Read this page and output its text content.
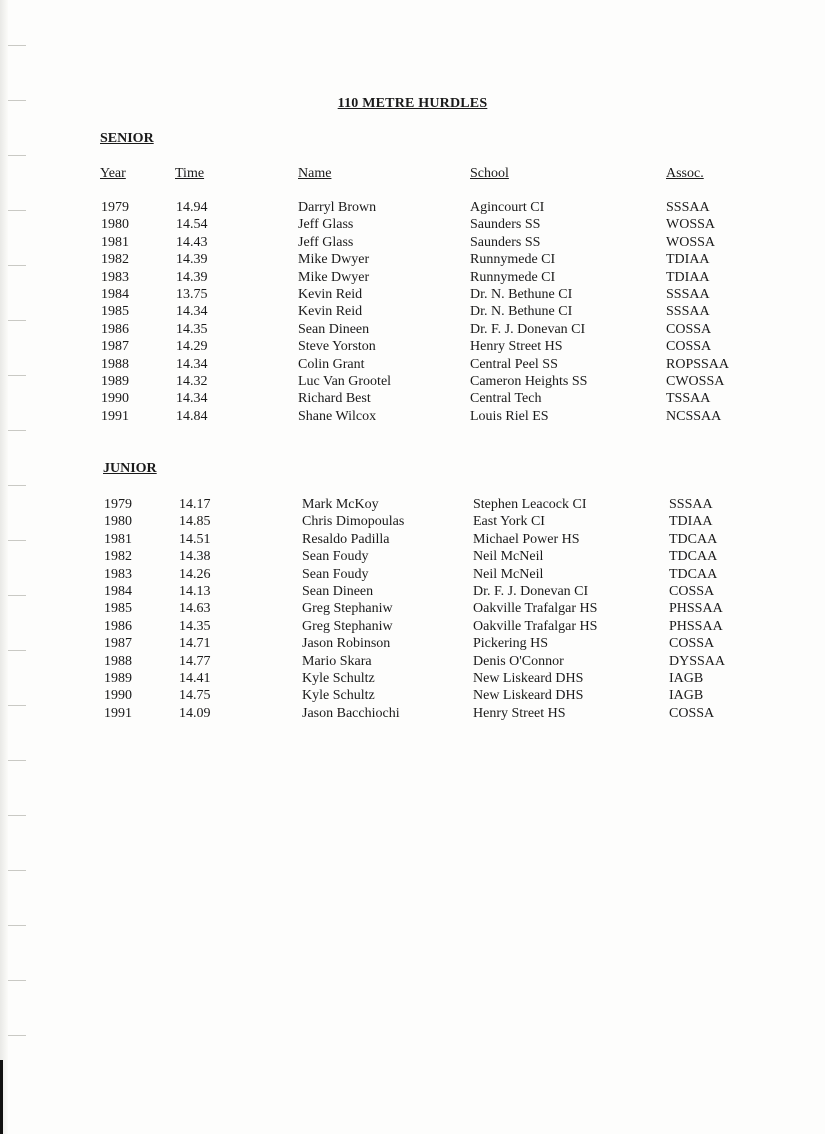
110 METRE HURDLES
SENIOR
Year	Time	Name	School	Assoc.
1979	14.94	Darryl Brown	Agincourt CI	SSSAA
1980	14.54	Jeff Glass	Saunders SS	WOSSA
1981	14.43	Jeff Glass	Saunders SS	WOSSA
1982	14.39	Mike Dwyer	Runnymede CI	TDIAA
1983	14.39	Mike Dwyer	Runnymede CI	TDIAA
1984	13.75	Kevin Reid	Dr. N. Bethune CI	SSSAA
1985	14.34	Kevin Reid	Dr. N. Bethune CI	SSSAA
1986	14.35	Sean Dineen	Dr. F. J. Donevan CI	COSSA
1987	14.29	Steve Yorston	Henry Street HS	COSSA
1988	14.34	Colin Grant	Central Peel SS	ROPSSAA
1989	14.32	Luc Van Grootel	Cameron Heights SS	CWOSSA
1990	14.34	Richard Best	Central Tech	TSSAA
1991	14.84	Shane Wilcox	Louis Riel ES	NCSSAA
JUNIOR
1979	14.17	Mark McKoy	Stephen Leacock CI	SSSAA
1980	14.85	Chris Dimopoulas	East York CI	TDIAA
1981	14.51	Resaldo Padilla	Michael Power HS	TDCAA
1982	14.38	Sean Foudy	Neil McNeil	TDCAA
1983	14.26	Sean Foudy	Neil McNeil	TDCAA
1984	14.13	Sean Dineen	Dr. F. J. Donevan CI	COSSA
1985	14.63	Greg Stephaniw	Oakville Trafalgar HS	PHSSAA
1986	14.35	Greg Stephaniw	Oakville Trafalgar HS	PHSSAA
1987	14.71	Jason Robinson	Pickering HS	COSSA
1988	14.77	Mario Skara	Denis O'Connor	DYSSAA
1989	14.41	Kyle Schultz	New Liskeard DHS	IAGB
1990	14.75	Kyle Schultz	New Liskeard DHS	IAGB
1991	14.09	Jason Bacchiochi	Henry Street HS	COSSA
